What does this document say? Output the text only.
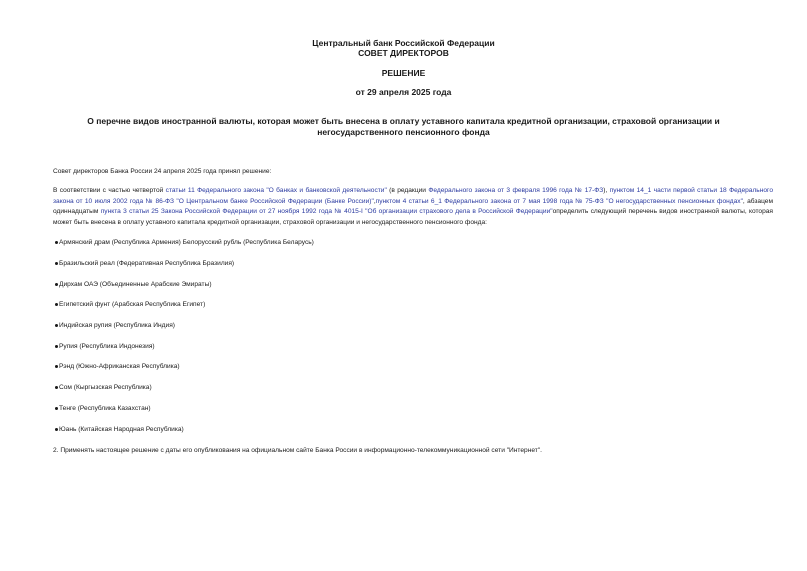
Центральный банк Российской Федерации
СОВЕТ ДИРЕКТОРОВ
РЕШЕНИЕ
от 29 апреля 2025 года
О перечне видов иностранной валюты, которая может быть внесена в оплату уставного капитала кредитной организации, страховой организации и негосударственного пенсионного фонда
Совет директоров Банка России 24 апреля 2025 года принял решение:
В соответствии с частью четвертой статьи 11 Федерального закона "О банках и банковской деятельности" (в редакции Федерального закона от 3 февраля 1996 года № 17-ФЗ), пунктом 14_1 части первой статьи 18 Федерального закона от 10 июля 2002 года № 86-ФЗ "О Центральном банке Российской Федерации (Банке России)",пунктом 4 статьи 6_1 Федерального закона от 7 мая 1998 года № 75-ФЗ "О негосударственных пенсионных фондах", абзацем одиннадцатым пункта 3 статьи 25 Закона Российской Федерации от 27 ноября 1992 года № 4015-I "Об организации страхового дела в Российской Федерации"определить следующий перечень видов иностранной валюты, которая может быть внесена в оплату уставного капитала кредитной организации, страховой организации и негосударственного пенсионного фонда:
Армянский драм (Республика Армения) Белорусский рубль (Республика Беларусь)
Бразильский реал (Федеративная Республика Бразилия)
Дирхам ОАЭ (Объединенные Арабские Эмираты)
Египетский фунт (Арабская Республика Египет)
Индийская рупия (Республика Индия)
Рупия (Республика Индонезия)
Рэнд (Южно-Африканская Республика)
Сом (Кыргызская Республика)
Тенге (Республика Казахстан)
Юань (Китайская Народная Республика)
2. Применять настоящее решение с даты его опубликования на официальном сайте Банка России в информационно-телекоммуникационной сети "Интернет".
